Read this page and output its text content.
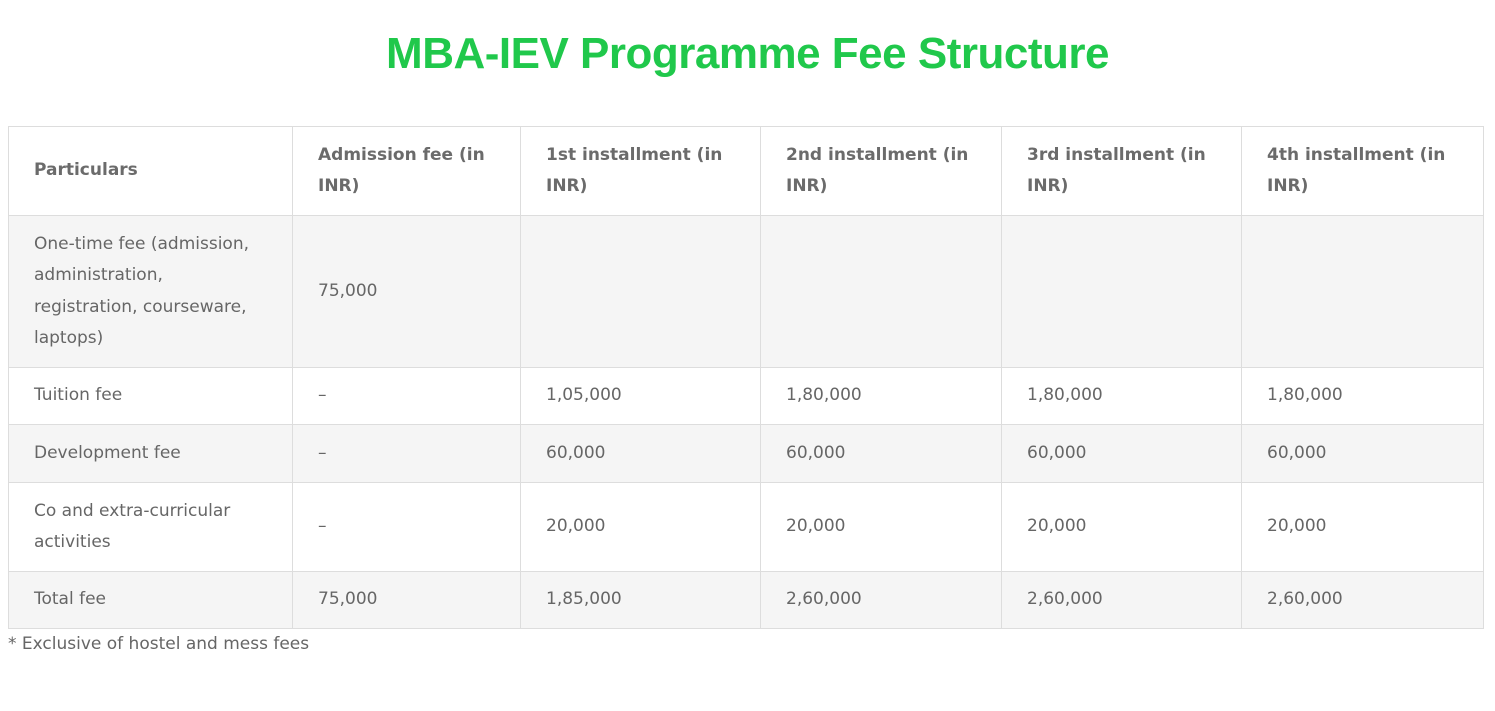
MBA-IEV Programme Fee Structure
Particulars	Admission fee (in INR)	1st installment (in INR)	2nd installment (in INR)	3rd installment (in INR)	4th installment (in INR)
One-time fee (admission, administration, registration, courseware, laptops)	75,000				
Tuition fee	–	1,05,000	1,80,000	1,80,000	1,80,000
Development fee	–	60,000	60,000	60,000	60,000
Co and extra-curricular activities	–	20,000	20,000	20,000	20,000
Total fee	75,000	1,85,000	2,60,000	2,60,000	2,60,000

* Exclusive of hostel and mess fees
